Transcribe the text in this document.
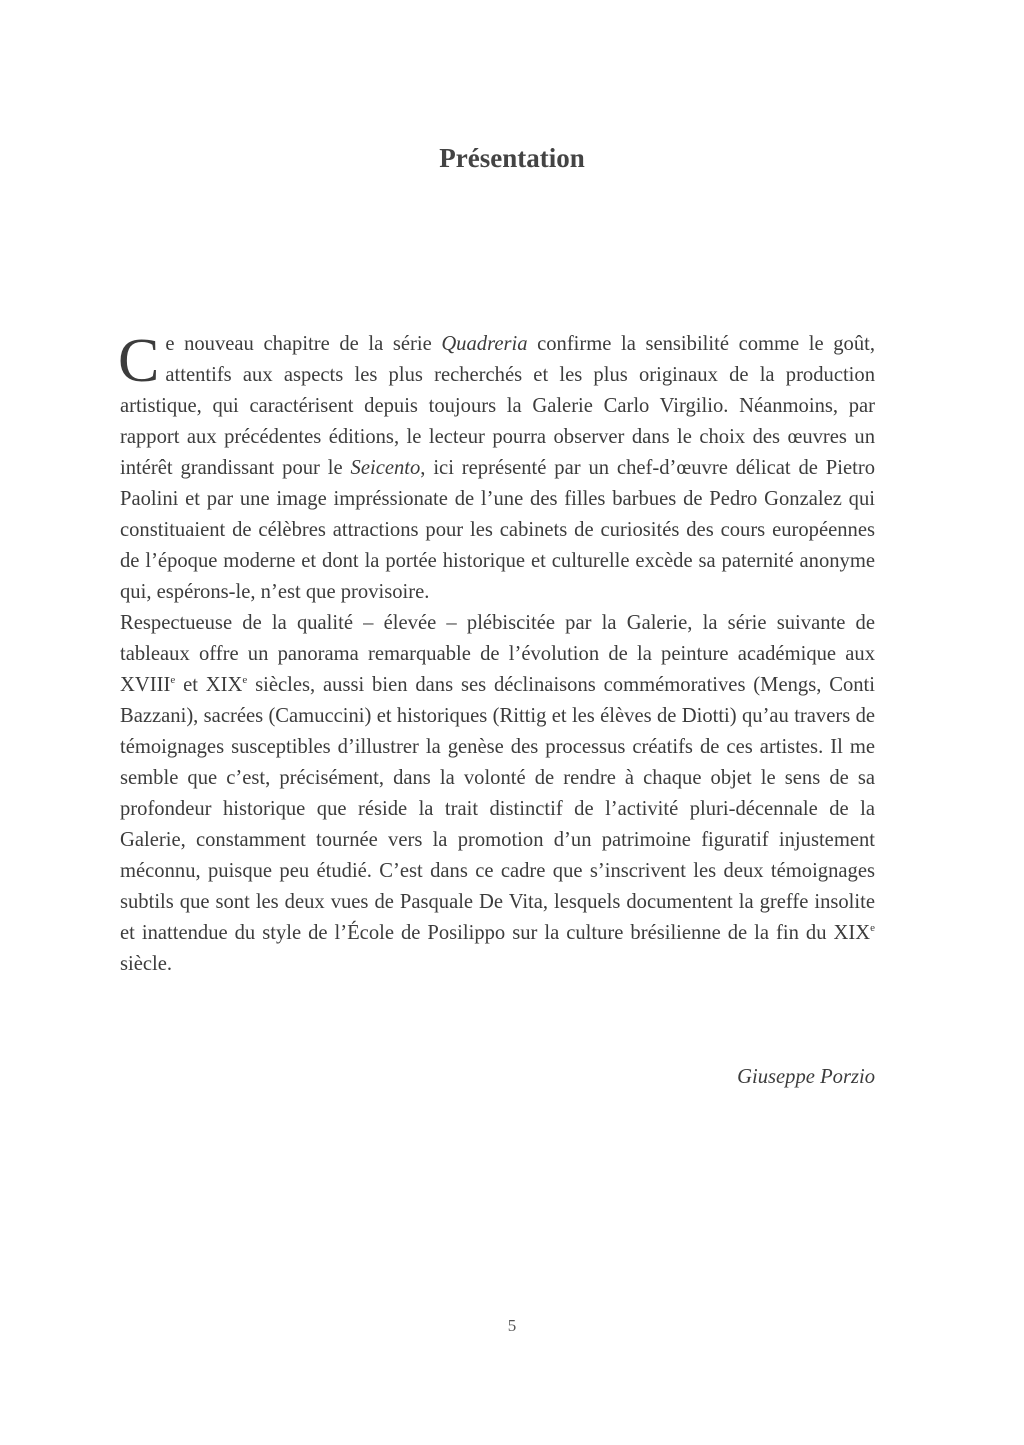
Présentation

Ce nouveau chapitre de la série Quadreria confirme la sensibilité comme le goût, attentifs aux aspects les plus recherchés et les plus originaux de la production artistique, qui caractérisent depuis toujours la Galerie Carlo Virgilio. Néanmoins, par rapport aux précédentes éditions, le lecteur pourra observer dans le choix des œuvres un intérêt grandissant pour le Seicento, ici représenté par un chef-d’œuvre délicat de Pietro Paolini et par une image impréssionate de l’une des filles barbues de Pedro Gonzalez qui constituaient de célèbres attractions pour les cabinets de curiosités des cours européennes de l’époque moderne et dont la portée historique et culturelle excède sa paternité anonyme qui, espérons-le, n’est que provisoire.

Respectueuse de la qualité – élevée – plébiscitée par la Galerie, la série suivante de tableaux offre un panorama remarquable de l’évolution de la peinture académique aux XVIIIe et XIXe siècles, aussi bien dans ses déclinaisons commémoratives (Mengs, Conti Bazzani), sacrées (Camuccini) et historiques (Rittig et les élèves de Diotti) qu’au travers de témoignages susceptibles d’illustrer la genèse des processus créatifs de ces artistes. Il me semble que c’est, précisément, dans la volonté de rendre à chaque objet le sens de sa profondeur historique que réside la trait distinctif de l’activité pluri-décennale de la Galerie, constamment tournée vers la promotion d’un patrimoine figuratif injustement méconnu, puisque peu étudié. C’est dans ce cadre que s’inscrivent les deux témoignages subtils que sont les deux vues de Pasquale De Vita, lesquels documentent la greffe insolite et inattendue du style de l’École de Posilippo sur la culture brésilienne de la fin du XIXe siècle.

Giuseppe Porzio
5
